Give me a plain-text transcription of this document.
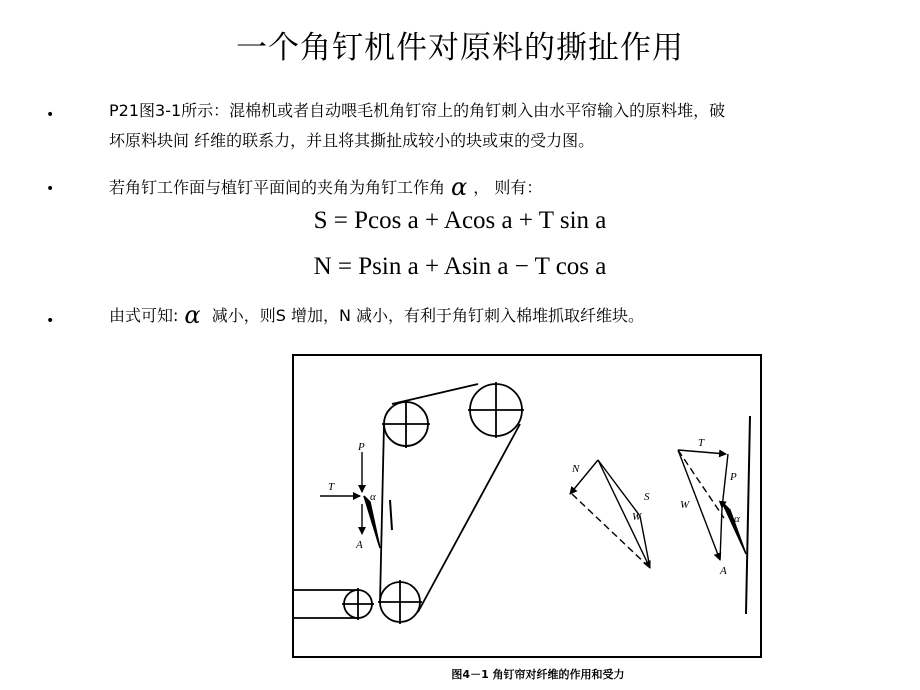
一个角钉机件对原料的撕扯作用
•	P21图3-1所示：混棉机或者自动喂毛机角钉帘上的角钉刺入由水平帘输入的原料堆，破
坏原料块间 纤维的联系力，并且将其撕扯成较小的块或束的受力图。
•	若角钉工作面与植钉平面间的夹角为角钉工作角 α ， 则有：
S = Pcos a + Acos a + T sin a
N = Psin a + Asin a − T cos a
•	由式可知: α 减小，则S 增加，N 减小，有利于角钉刺入棉堆抓取纤维块。
P
T
α
A
N
S
W
T
P
W
α
A
图4－1 角钉帘对纤维的作用和受力
